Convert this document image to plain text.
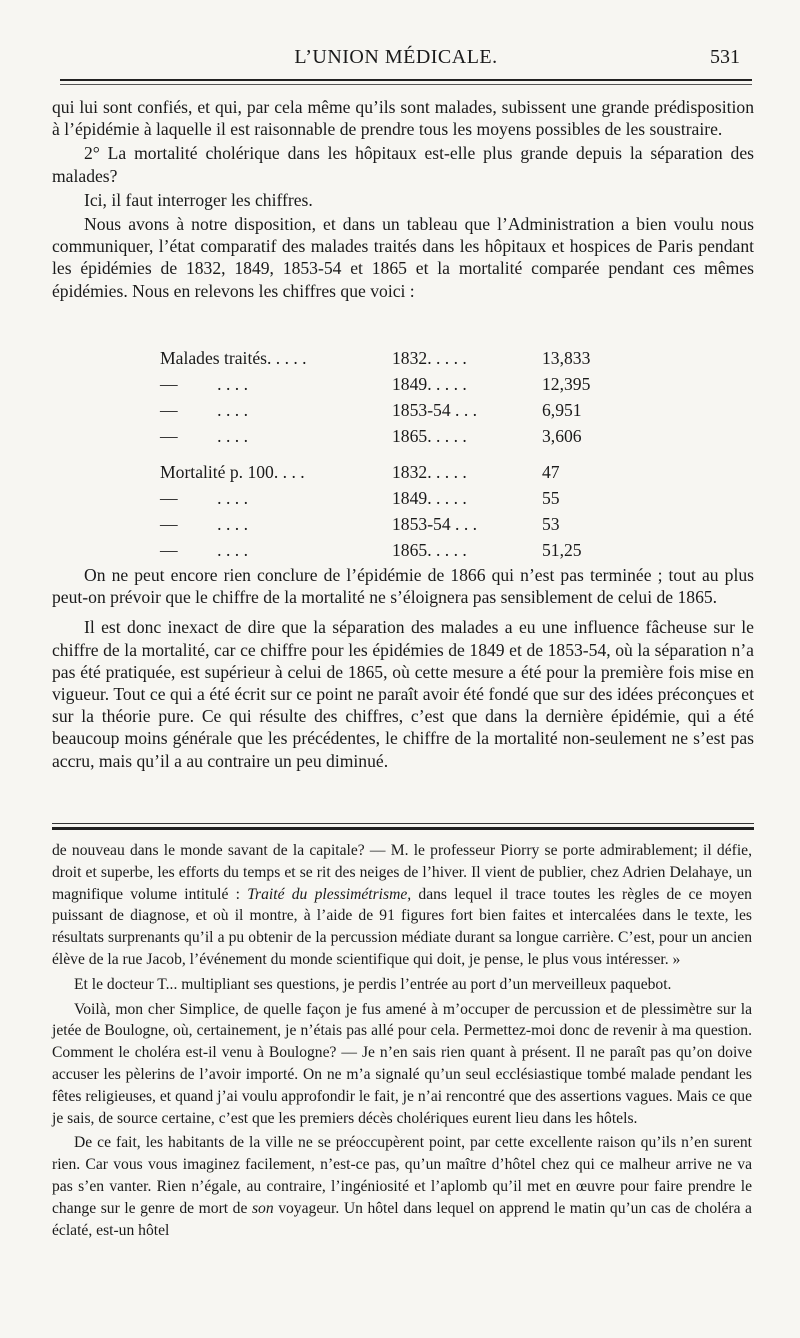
L’UNION MÉDICALE.	531

qui lui sont confiés, et qui, par cela même qu’ils sont malades, subissent une grande prédisposition à l’épidémie à laquelle il est raisonnable de prendre tous les moyens possibles de les soustraire.

2° La mortalité cholérique dans les hôpitaux est-elle plus grande depuis la séparation des malades?

Ici, il faut interroger les chiffres.

Nous avons à notre disposition, et dans un tableau que l’Administration a bien voulu nous communiquer, l’état comparatif des malades traités dans les hôpitaux et hospices de Paris pendant les épidémies de 1832, 1849, 1853-54 et 1865 et la mortalité comparée pendant ces mêmes épidémies. Nous en relevons les chiffres que voici :

Malades traités. . . . .	1832. . . . .	13,833
—         . . . .	1849. . . . .	12,395
—         . . . .	1853-54 . . .	6,951
—         . . . .	1865. . . . .	3,606
Mortalité p. 100. . . .	1832. . . . .	47
—         . . . .	1849. . . . .	55
—         . . . .	1853-54 . . .	53
—         . . . .	1865. . . . .	51,25

On ne peut encore rien conclure de l’épidémie de 1866 qui n’est pas terminée ; tout au plus peut-on prévoir que le chiffre de la mortalité ne s’éloignera pas sensiblement de celui de 1865.

Il est donc inexact de dire que la séparation des malades a eu une influence fâcheuse sur le chiffre de la mortalité, car ce chiffre pour les épidémies de 1849 et de 1853-54, où la séparation n’a pas été pratiquée, est supérieur à celui de 1865, où cette mesure a été pour la première fois mise en vigueur. Tout ce qui a été écrit sur ce point ne paraît avoir été fondé que sur des idées préconçues et sur la théorie pure. Ce qui résulte des chiffres, c’est que dans la dernière épidémie, qui a été beaucoup moins générale que les précédentes, le chiffre de la mortalité non-seulement ne s’est pas accru, mais qu’il a au contraire un peu diminué.

de nouveau dans le monde savant de la capitale? — M. le professeur Piorry se porte admirablement; il défie, droit et superbe, les efforts du temps et se rit des neiges de l’hiver. Il vient de publier, chez Adrien Delahaye, un magnifique volume intitulé : Traité du plessimétrisme, dans lequel il trace toutes les règles de ce moyen puissant de diagnose, et où il montre, à l’aide de 91 figures fort bien faites et intercalées dans le texte, les résultats surprenants qu’il a pu obtenir de la percussion médiate durant sa longue carrière. C’est, pour un ancien élève de la rue Jacob, l’événement du monde scientifique qui doit, je pense, le plus vous intéresser. »

Et le docteur T... multipliant ses questions, je perdis l’entrée au port d’un merveilleux paquebot.

Voilà, mon cher Simplice, de quelle façon je fus amené à m’occuper de percussion et de plessimètre sur la jetée de Boulogne, où, certainement, je n’étais pas allé pour cela. Permettez-moi donc de revenir à ma question. Comment le choléra est-il venu à Boulogne? — Je n’en sais rien quant à présent. Il ne paraît pas qu’on doive accuser les pèlerins de l’avoir importé. On ne m’a signalé qu’un seul ecclésiastique tombé malade pendant les fêtes religieuses, et quand j’ai voulu approfondir le fait, je n’ai rencontré que des assertions vagues. Mais ce que je sais, de source certaine, c’est que les premiers décès cholériques eurent lieu dans les hôtels.

De ce fait, les habitants de la ville ne se préoccupèrent point, par cette excellente raison qu’ils n’en surent rien. Car vous vous imaginez facilement, n’est-ce pas, qu’un maître d’hôtel chez qui ce malheur arrive ne va pas s’en vanter. Rien n’égale, au contraire, l’ingéniosité et l’aplomb qu’il met en œuvre pour faire prendre le change sur le genre de mort de son voyageur. Un hôtel dans lequel on apprend le matin qu’un cas de choléra a éclaté, est-un hôtel
